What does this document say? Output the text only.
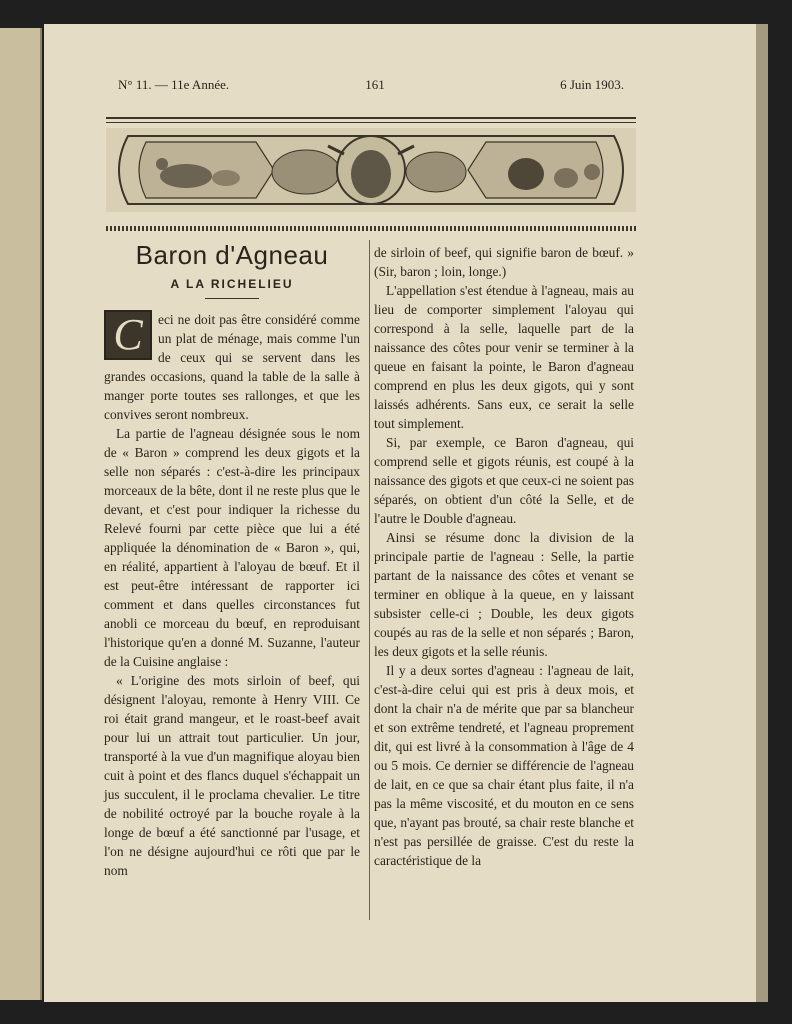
N° 11. — 11e Année.	161	6 Juin 1903.
Baron d'Agneau
A LA RICHELIEU
C	eci ne doit pas être considéré comme un plat de ménage, mais comme l'un de ceux qui se servent dans les grandes occasions, quand la table de la salle à manger porte toutes ses rallonges, et que les convives seront nombreux.

La partie de l'agneau désignée sous le nom de « Baron » comprend les deux gigots et la selle non séparés : c'est-à-dire les principaux morceaux de la bête, dont il ne reste plus que le devant, et c'est pour indiquer la richesse du Relevé fourni par cette pièce que lui a été appliquée la dénomination de « Baron », qui, en réalité, appartient à l'aloyau de bœuf. Et il est peut-être intéressant de rapporter ici comment et dans quelles circonstances fut anobli ce morceau du bœuf, en reproduisant l'historique qu'en a donné M. Suzanne, l'auteur de la Cuisine anglaise :

« L'origine des mots sirloin of beef, qui désignent l'aloyau, remonte à Henry VIII. Ce roi était grand mangeur, et le roast-beef avait pour lui un attrait tout particulier. Un jour, transporté à la vue d'un magnifique aloyau bien cuit à point et des flancs duquel s'échappait un jus succulent, il le proclama chevalier. Le titre de nobilité octroyé par la bouche royale à la longe de bœuf a été sanctionné par l'usage, et l'on ne désigne aujourd'hui ce rôti que par le nom

de sirloin of beef, qui signifie baron de bœuf. » (Sir, baron ; loin, longe.)

L'appellation s'est étendue à l'agneau, mais au lieu de comporter simplement l'aloyau qui correspond à la selle, laquelle part de la naissance des côtes pour venir se terminer à la queue en faisant la pointe, le Baron d'agneau comprend en plus les deux gigots, qui y sont laissés adhérents. Sans eux, ce serait la selle tout simplement.

Si, par exemple, ce Baron d'agneau, qui comprend selle et gigots réunis, est coupé à la naissance des gigots et que ceux-ci ne soient pas séparés, on obtient d'un côté la Selle, et de l'autre le Double d'agneau.

Ainsi se résume donc la division de la principale partie de l'agneau : Selle, la partie partant de la naissance des côtes et venant se terminer en oblique à la queue, en y laissant subsister celle-ci ; Double, les deux gigots coupés au ras de la selle et non séparés ; Baron, les deux gigots et la selle réunis.

Il y a deux sortes d'agneau : l'agneau de lait, c'est-à-dire celui qui est pris à deux mois, et dont la chair n'a de mérite que par sa blancheur et son extrême tendreté, et l'agneau proprement dit, qui est livré à la consommation à l'âge de 4 ou 5 mois. Ce dernier se différencie de l'agneau de lait, en ce que sa chair étant plus faite, il n'a pas la même viscosité, et du mouton en ce sens que, n'ayant pas brouté, sa chair reste blanche et n'est pas persillée de graisse. C'est du reste la caractéristique de la
